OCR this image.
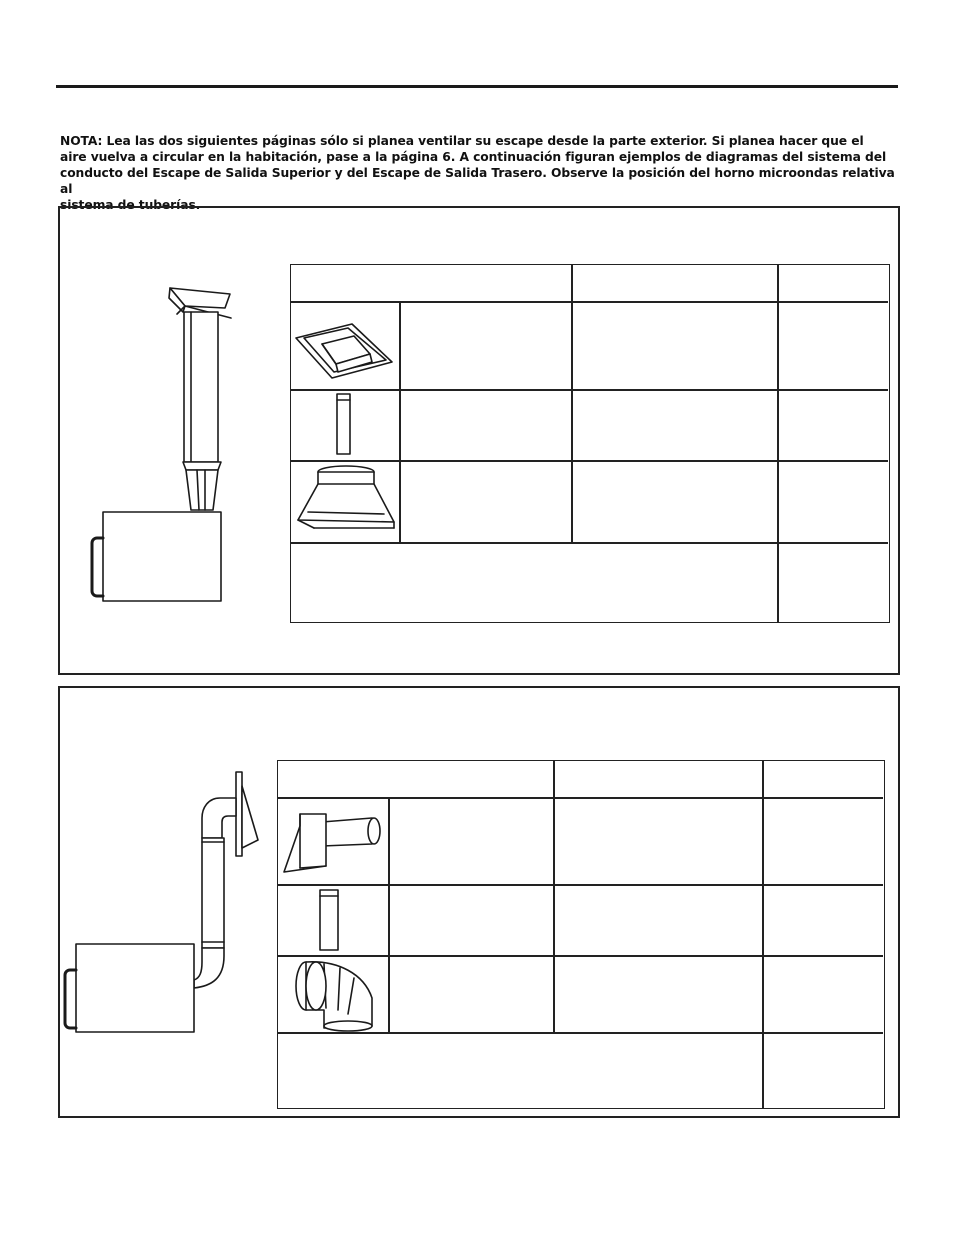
NOTA: Lea las dos siguientes páginas sólo si planea ventilar su escape desde la parte exterior. Si planea hacer que el
aire vuelva a circular en la habitación, pase a la página 6. A continuación figuran ejemplos de diagramas del sistema del
conducto del Escape de Salida Superior y del Escape de Salida Trasero. Observe la posición del horno microondas relativa al
sistema de tuberías.
